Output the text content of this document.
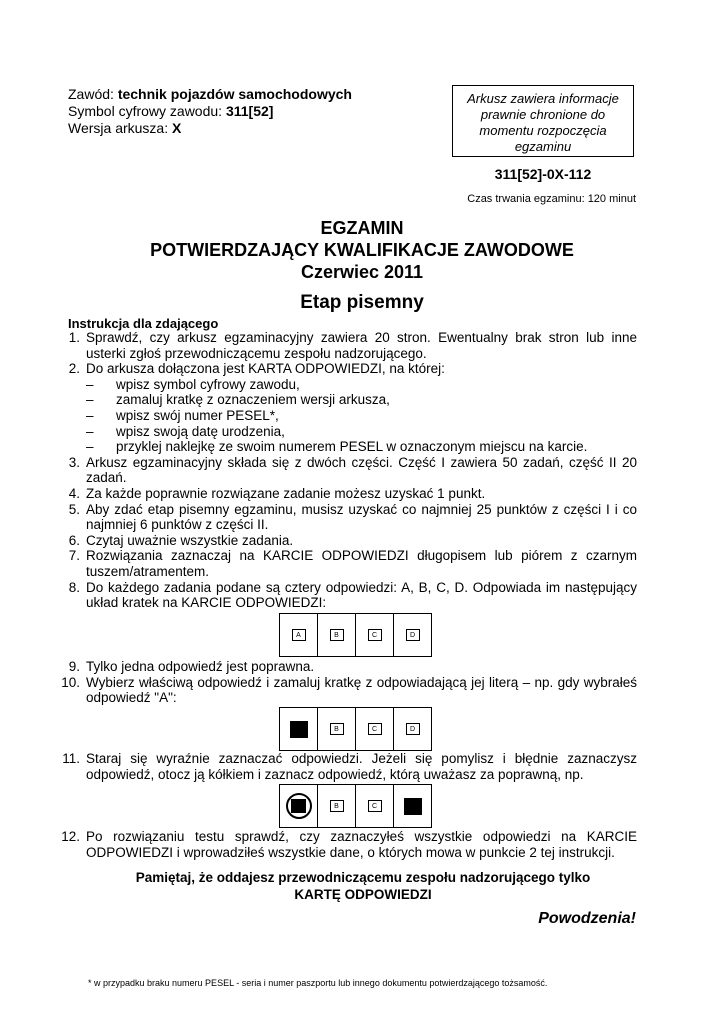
Zawód: technik pojazdów samochodowych
Symbol cyfrowy zawodu: 311[52]
Wersja arkusza: X
Arkusz zawiera informacje prawnie chronione do momentu rozpoczęcia egzaminu
311[52]-0X-112
Czas trwania egzaminu: 120 minut
EGZAMIN
POTWIERDZAJĄCY KWALIFIKACJE ZAWODOWE
Czerwiec 2011
Etap pisemny
Instrukcja dla zdającego
1. Sprawdź, czy arkusz egzaminacyjny zawiera 20 stron. Ewentualny brak stron lub inne usterki zgłoś przewodniczącemu zespołu nadzorującego.
2. Do arkusza dołączona jest KARTA ODPOWIEDZI, na której:
–	wpisz symbol cyfrowy zawodu,
–	zamaluj kratkę z oznaczeniem wersji arkusza,
–	wpisz swój numer PESEL*,
–	wpisz swoją datę urodzenia,
–	przyklej naklejkę ze swoim numerem PESEL w oznaczonym miejscu na karcie.
3. Arkusz egzaminacyjny składa się z dwóch części. Część I zawiera 50 zadań, część II 20 zadań.
4. Za każde poprawnie rozwiązane zadanie możesz uzyskać 1 punkt.
5. Aby zdać etap pisemny egzaminu, musisz uzyskać co najmniej 25 punktów z części I i co najmniej 6 punktów z części II.
6. Czytaj uważnie wszystkie zadania.
7. Rozwiązania zaznaczaj na KARCIE ODPOWIEDZI długopisem lub piórem z czarnym tuszem/atramentem.
8. Do każdego zadania podane są cztery odpowiedzi: A, B, C, D. Odpowiada im następujący układ kratek na KARCIE ODPOWIEDZI:
A	B	C	D
9. Tylko jedna odpowiedź jest poprawna.
10. Wybierz właściwą odpowiedź i zamaluj kratkę z odpowiadającą jej literą – np. gdy wybrałeś odpowiedź "A":
B	C	D
11. Staraj się wyraźnie zaznaczać odpowiedzi. Jeżeli się pomylisz i błędnie zaznaczysz odpowiedź, otocz ją kółkiem i zaznacz odpowiedź, którą uważasz za poprawną, np.
B	C
12. Po rozwiązaniu testu sprawdź, czy zaznaczyłeś wszystkie odpowiedzi na KARCIE ODPOWIEDZI i wprowadziłeś wszystkie dane, o których mowa w punkcie 2 tej instrukcji.
Pamiętaj, że oddajesz przewodniczącemu zespołu nadzorującego tylko
KARTĘ ODPOWIEDZI
Powodzenia!
* w przypadku braku numeru PESEL - seria i numer paszportu lub innego dokumentu potwierdzającego tożsamość.
